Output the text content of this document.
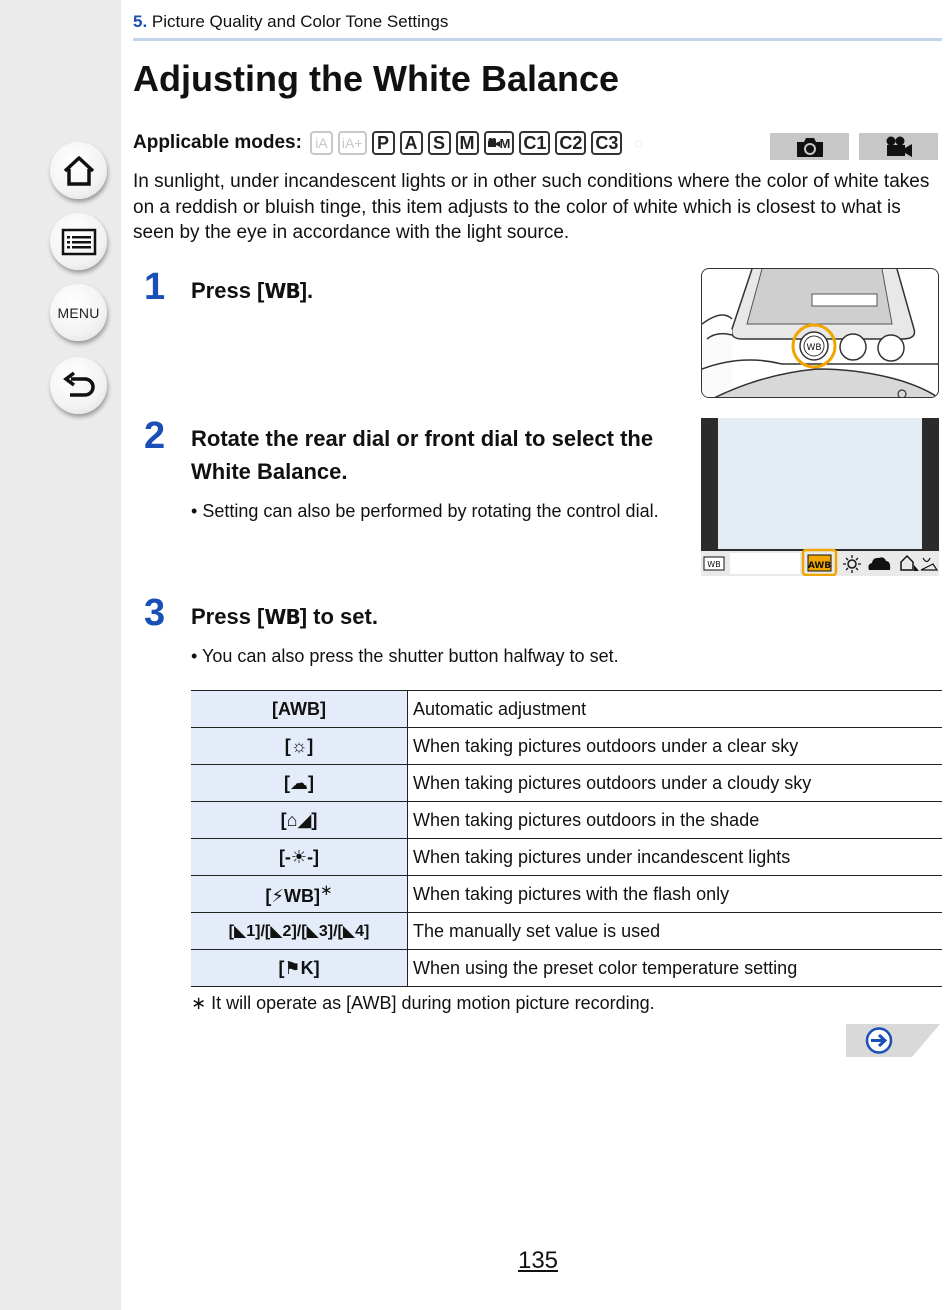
MENU
5. Picture Quality and Color Tone Settings
Adjusting the White Balance
Applicable modes: iA	iA+ P A S M	M C1 C2 C3	◌

In sunlight, under incandescent lights or in other such conditions where the color of white takes on a reddish or bluish tinge, this item adjusts to the color of white which is closest to what is seen by the eye in accordance with the light source.

1 Press [WB].

WB
2 Rotate the rear dial or front dial to select the White Balance.

• Setting can also be performed by rotating the control dial.
WB	AWB
3 Press [WB] to set.

• You can also press the shutter button halfway to set.
[AWB]	Automatic adjustment
[☼]	When taking pictures outdoors under a clear sky
[☁]	When taking pictures outdoors under a cloudy sky
[⌂◢]	When taking pictures outdoors in the shade
[-☀-]	When taking pictures under incandescent lights
[⚡WB]∗	When taking pictures with the flash only
[◣1]/[◣2]/[◣3]/[◣4]	The manually set value is used
[⚑K]	When using the preset color temperature setting
∗ It will operate as [AWB] during motion picture recording.
135
